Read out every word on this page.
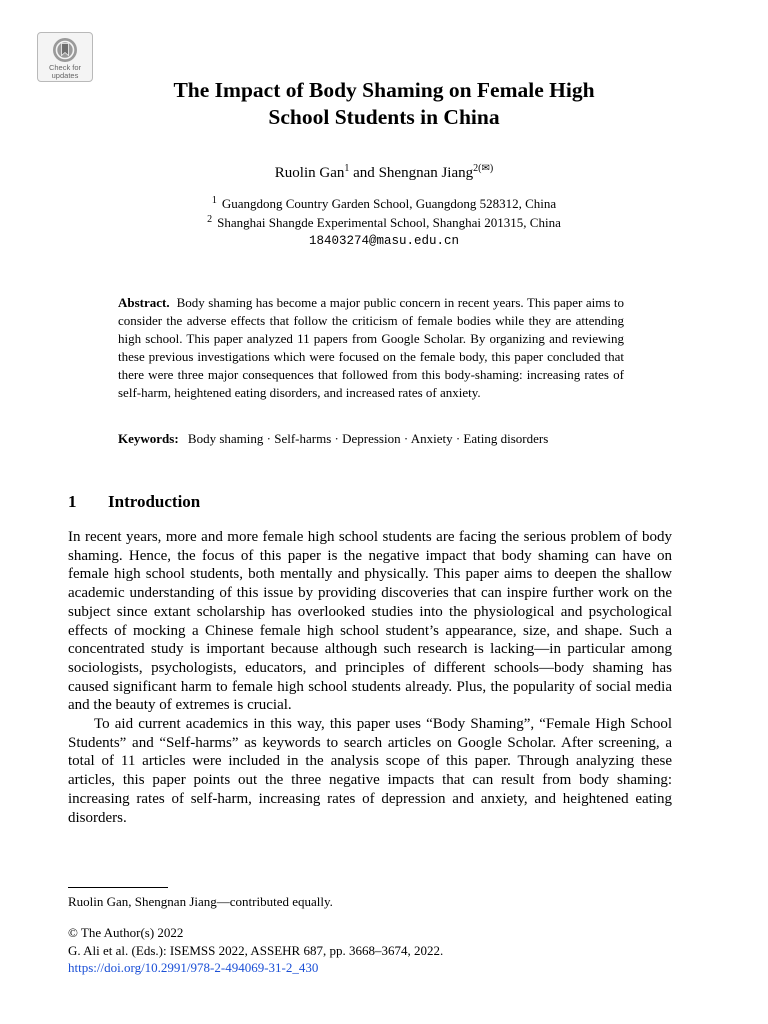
Check for updates
The Impact of Body Shaming on Female High
School Students in China
Ruolin Gan$^1$ and Shengnan Jiang$^{2(✉)}$
$^1$ Guangdong Country Garden School, Guangdong 528312, China
$^2$ Shanghai Shangde Experimental School, Shanghai 201315, China
18403274@masu.edu.cn
Abstract. Body shaming has become a major public concern in recent years. This paper aims to consider the adverse effects that follow the criticism of female bodies while they are attending high school. This paper analyzed 11 papers from Google Scholar. By organizing and reviewing these previous investigations which were focused on the female body, this paper concluded that there were three major consequences that followed from this body-shaming: increasing rates of self-harm, heightened eating disorders, and increased rates of anxiety.
Keywords: Body shaming · Self-harms · Depression · Anxiety · Eating disorders
1 Introduction

In recent years, more and more female high school students are facing the serious problem of body shaming. Hence, the focus of this paper is the negative impact that body shaming can have on female high school students, both mentally and physically. This paper aims to deepen the shallow academic understanding of this issue by providing discoveries that can inspire further work on the subject since extant scholarship has overlooked studies into the physiological and psychological effects of mocking a Chinese female high school student’s appearance, size, and shape. Such a concentrated study is important because although such research is lacking—in particular among sociologists, psychologists, educators, and principles of different schools—body shaming has caused significant harm to female high school students already. Plus, the popularity of social media and the beauty of extremes is crucial.

To aid current academics in this way, this paper uses “Body Shaming”, “Female High School Students” and “Self-harms” as keywords to search articles on Google Scholar. After screening, a total of 11 articles were included in the analysis scope of this paper. Through analyzing these articles, this paper points out the three negative impacts that can result from body shaming: increasing rates of self-harm, increasing rates of depression and anxiety, and heightened eating disorders.

Ruolin Gan, Shengnan Jiang—contributed equally.
© The Author(s) 2022
G. Ali et al. (Eds.): ISEMSS 2022, ASSEHR 687, pp. 3668–3674, 2022.
https://doi.org/10.2991/978-2-494069-31-2_430
